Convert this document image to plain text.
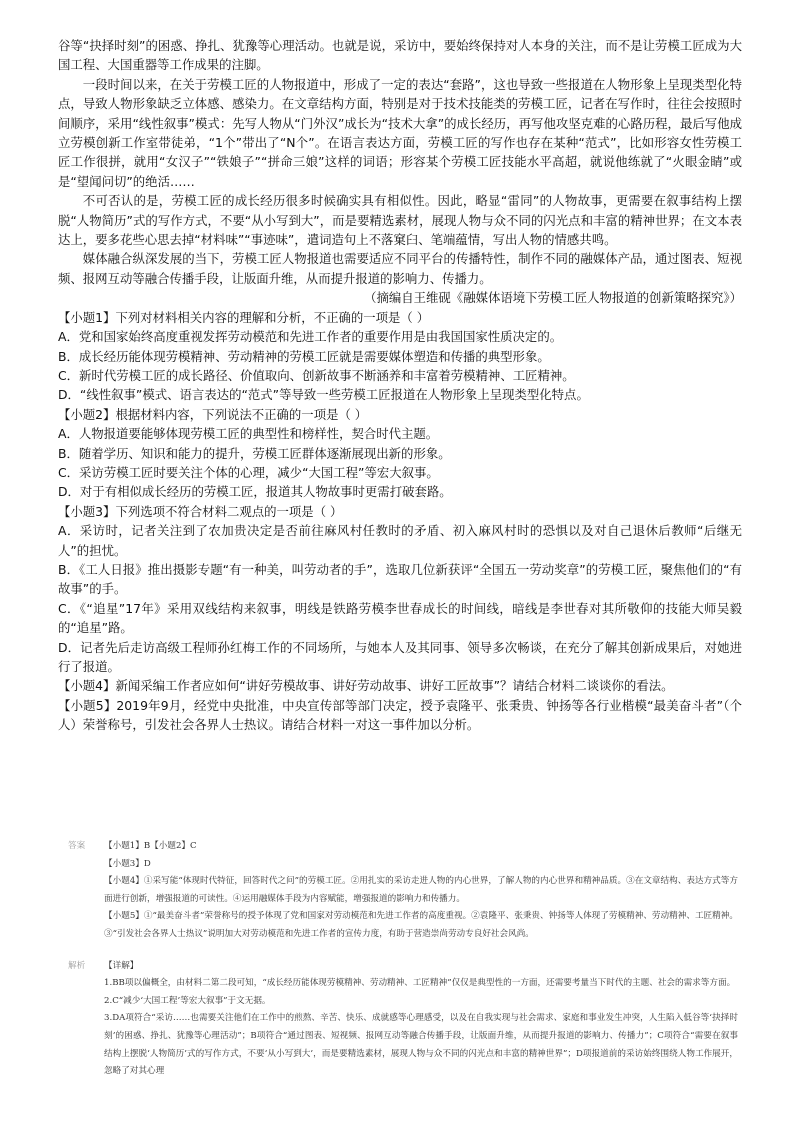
谷等“抉择时刻”的困惑、挣扎、犹豫等心理活动。也就是说，采访中，要始终保持对人本身的关注，而不是让劳模工匠成为大国工程、大国重器等工作成果的注脚。

一段时间以来，在关于劳模工匠的人物报道中，形成了一定的表达“套路”，这也导致一些报道在人物形象上呈现类型化特点，导致人物形象缺乏立体感、感染力。在文章结构方面，特别是对于技术技能类的劳模工匠，记者在写作时，往往会按照时间顺序，采用“线性叙事”模式：先写人物从“门外汉”成长为“技术大拿”的成长经历，再写他攻坚克难的心路历程，最后写他成立劳模创新工作室带徒弟，“1个”带出了“N个”。在语言表达方面，劳模工匠的写作也存在某种“范式”，比如形容女性劳模工匠工作很拼，就用“女汉子”“铁娘子”“拼命三娘”这样的词语；形容某个劳模工匠技能水平高超，就说他练就了“火眼金睛”或是“望闻问切”的绝活……

不可否认的是，劳模工匠的成长经历很多时候确实具有相似性。因此，略显“雷同”的人物故事，更需要在叙事结构上摆脱“人物简历”式的写作方式，不要“从小写到大”，而是要精选素材，展现人物与众不同的闪光点和丰富的精神世界；在文本表达上，要多花些心思去掉“材料味”“事迹味”，遣词造句上不落窠臼、笔端蕴情，写出人物的情感共鸣。

媒体融合纵深发展的当下，劳模工匠人物报道也需要适应不同平台的传播特性，制作不同的融媒体产品，通过图表、短视频、报网互动等融合传播手段，让版面升维，从而提升报道的影响力、传播力。

（摘编自王维砚《融媒体语境下劳模工匠人物报道的创新策略探究》）

【小题1】下列对材料相关内容的理解和分析，不正确的一项是（ ）

A．党和国家始终高度重视发挥劳动模范和先进工作者的重要作用是由我国国家性质决定的。

B．成长经历能体现劳模精神、劳动精神的劳模工匠就是需要媒体塑造和传播的典型形象。

C．新时代劳模工匠的成长路径、价值取向、创新故事不断涵养和丰富着劳模精神、工匠精神。

D．“线性叙事”模式、语言表达的“范式”等导致一些劳模工匠报道在人物形象上呈现类型化特点。

【小题2】根据材料内容，下列说法不正确的一项是（ ）

A．人物报道要能够体现劳模工匠的典型性和榜样性，契合时代主题。

B．随着学历、知识和能力的提升，劳模工匠群体逐渐展现出新的形象。

C．采访劳模工匠时要关注个体的心理，减少“大国工程”等宏大叙事。

D．对于有相似成长经历的劳模工匠，报道其人物故事时更需打破套路。

【小题3】下列选项不符合材料二观点的一项是（ ）

A．采访时，记者关注到了农加贵决定是否前往麻风村任教时的矛盾、初入麻风村时的恐惧以及对自己退休后教师“后继无人”的担忧。

B．《工人日报》推出摄影专题“有一种美，叫劳动者的手”，选取几位新获评“全国五一劳动奖章”的劳模工匠，聚焦他们的“有故事”的手。

C．《“追星”17年》采用双线结构来叙事，明线是铁路劳模李世春成长的时间线，暗线是李世春对其所敬仰的技能大师吴毅的“追星”路。

D．记者先后走访高级工程师孙红梅工作的不同场所，与她本人及其同事、领导多次畅谈，在充分了解其创新成果后，对她进行了报道。

【小题4】新闻采编工作者应如何“讲好劳模故事、讲好劳动故事、讲好工匠故事”？请结合材料二谈谈你的看法。

【小题5】2019年9月，经党中央批准，中央宣传部等部门决定，授予袁隆平、张秉贵、钟扬等各行业楷模“最美奋斗者”（个人）荣誉称号，引发社会各界人士热议。请结合材料一对这一事件加以分析。

答案	【小题1】B【小题2】C

【小题3】D

【小题4】①采写能“体现时代特征，回答时代之问”的劳模工匠。②用扎实的采访走进人物的内心世界，了解人物的内心世界和精神品质。③在文章结构、表达方式等方面进行创新，增强报道的可读性。④运用融媒体手段为内容赋能，增强报道的影响力和传播力。

【小题5】①“最美奋斗者”荣誉称号的授予体现了党和国家对劳动模范和先进工作者的高度重视。②袁隆平、张秉贵、钟扬等人体现了劳模精神、劳动精神、工匠精神。③“引发社会各界人士热议”说明加大对劳动模范和先进工作者的宣传力度，有助于营造崇尚劳动专良好社会风尚。

解析	【详解】

1.BB项以偏概全，由材料二第二段可知，“成长经历能体现劳模精神、劳动精神、工匠精神”仅仅是典型性的一方面，还需要考量当下时代的主题、社会的需求等方面。

2.C“减少‘大国工程’等宏大叙事”于文无据。

3.DA项符合“采访……也需要关注他们在工作中的煎熬、辛苦、快乐、成就感等心理感受，以及在自我实现与社会需求、家庭和事业发生冲突，人生陷入低谷等‘抉择时刻’的困惑、挣扎、犹豫等心理活动”；B项符合“通过图表、短视频、报网互动等融合传播手段，让版面升维，从而提升报道的影响力、传播力”；C项符合“需要在叙事结构上摆脱‘人物简历’式的写作方式，不要‘从小写到大’，而是要精选素材，展现人物与众不同的闪光点和丰富的精神世界”；D项报道前的采访始终围绕人物工作展开，忽略了对其心理
